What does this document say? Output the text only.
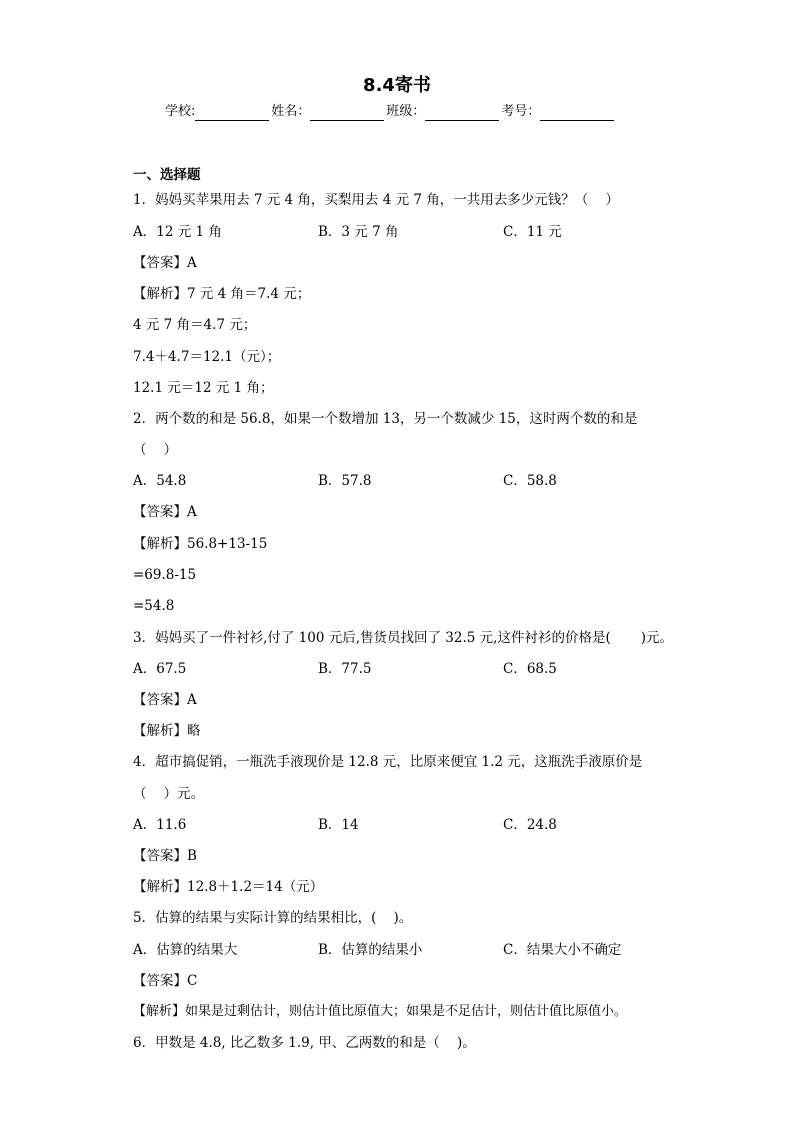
8.4寄书
学校:	姓名：	班级：	考号：
一、选择题
1．妈妈买苹果用去 7 元 4 角，买梨用去 4 元 7 角，一共用去多少元钱？（    ）
A．12 元 1 角	B．3 元 7 角	C．11 元
【答案】A
【解析】7 元 4 角＝7.4 元；
4 元 7 角＝4.7 元；
7.4＋4.7＝12.1（元）；
12.1 元＝12 元 1 角；
2．两个数的和是 56.8，如果一个数增加 13，另一个数减少 15，这时两个数的和是
（    ）
A．54.8	B．57.8	C．58.8
【答案】A
【解析】56.8+13-15
=69.8-15
=54.8
3．妈妈买了一件衬衫,付了 100 元后,售货员找回了 32.5 元,这件衬衫的价格是(       )元。
A．67.5	B．77.5	C．68.5
【答案】A
【解析】略
4．超市搞促销，一瓶洗手液现价是 12.8 元，比原来便宜 1.2 元，这瓶洗手液原价是
（    ）元。
A．11.6	B．14	C．24.8
【答案】B
【解析】12.8＋1.2＝14（元）
5．估算的结果与实际计算的结果相比，(    )。
A．估算的结果大	B．估算的结果小	C．结果大小不确定
【答案】C
【解析】如果是过剩估计，则估计值比原值大；如果是不足估计，则估计值比原值小。
6．甲数是 4.8, 比乙数多 1.9, 甲、乙两数的和是（    )。
